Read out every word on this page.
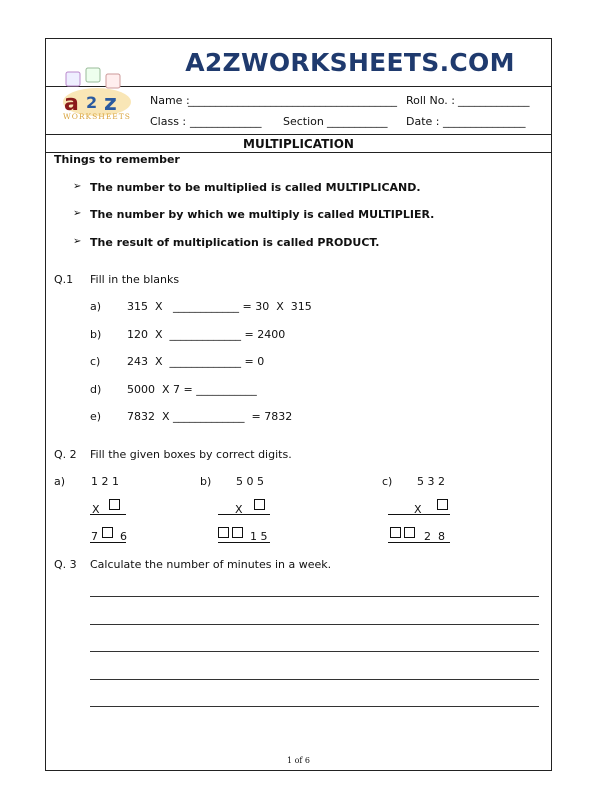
a 2 z
WORKSHEETS
A2ZWORKSHEETS.COM
Name :
______________________________________ Roll No. : _____________
Class : _____________ Section ___________ Date : _______________
MULTIPLICATION
Things to remember
➢ The number to be multiplied is called MULTIPLICAND.
➢ The number by which we multiply is called MULTIPLIER.
➢ The result of multiplication is called PRODUCT.
Q.1 Fill in the blanks
a) 315  X   ____________ = 30  X  315
b) 120  X  _____________ = 2400
c) 243  X  _____________ = 0
d) 5000  X 7 = ___________
e) 7832  X _____________  = 7832
Q. 2 Fill the given boxes by correct digits.
a) 1 2 1
X
7 6
b) 5 0 5
X
1 5
c) 5 3 2
X
2  8
Q. 3 Calculate the number of minutes in a week.
1 of 6
